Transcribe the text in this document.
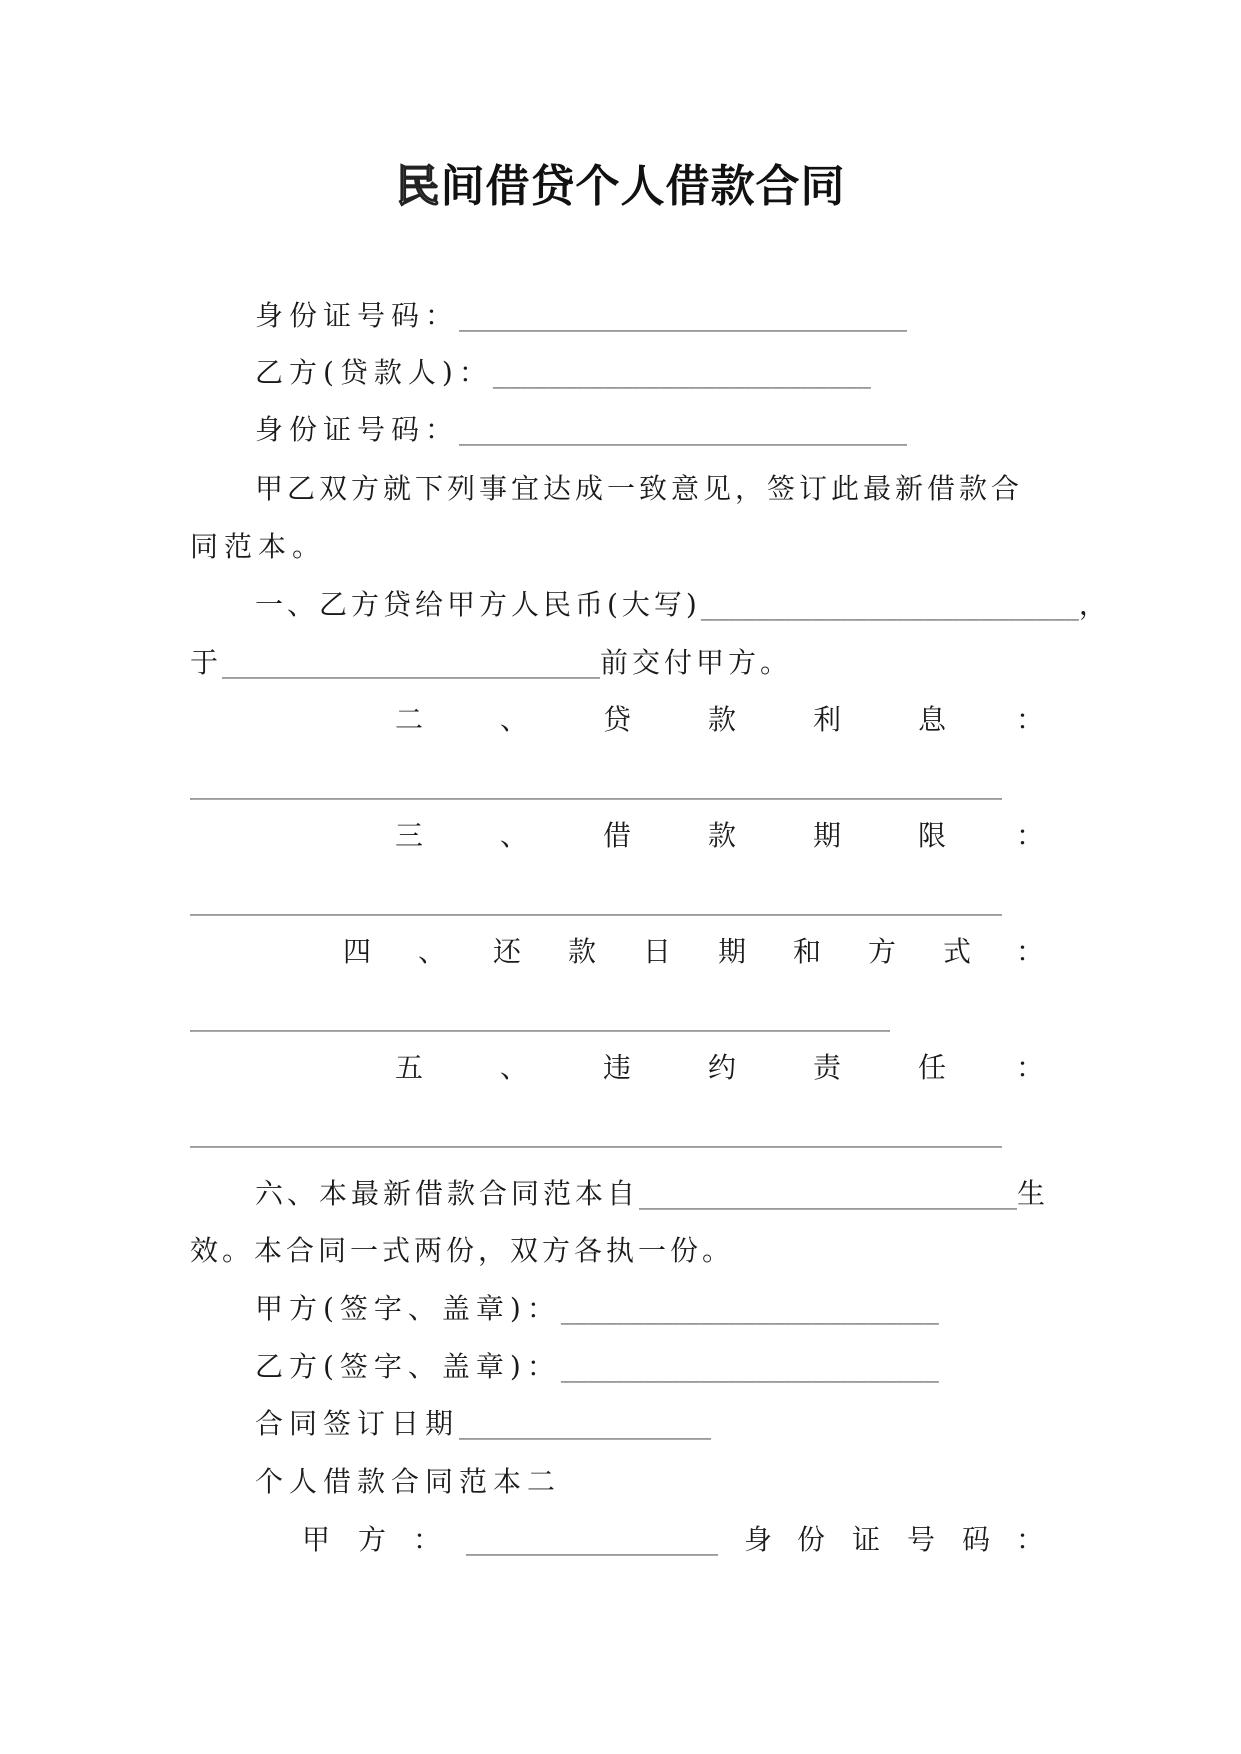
民间借贷个人借款合同
身份证号码：________________________________
乙方(贷款人)：___________________________
身份证号码：________________________________
甲乙双方就下列事宜达成一致意见，签订此最新借款合
同范本。
一、乙方贷给甲方人民币(大写)___________________________，
于___________________________前交付甲方。
二	、	贷	款	利	息 ：
__________________________________________________________
三	、	借	款	期	限 ：
__________________________________________________________
四 、 还 款 日 期 和 方 式 ：
__________________________________________________
五	、	违	约	责	任 ：
__________________________________________________________
六、本最新借款合同范本自___________________________生
效。本合同一式两份，双方各执一份。
甲方(签字、盖章)：___________________________
乙方(签字、盖章)：___________________________
合同签订日期__________________
个人借款合同范本二
甲 方 ： __________________ 身 份 证 号 码 ：
